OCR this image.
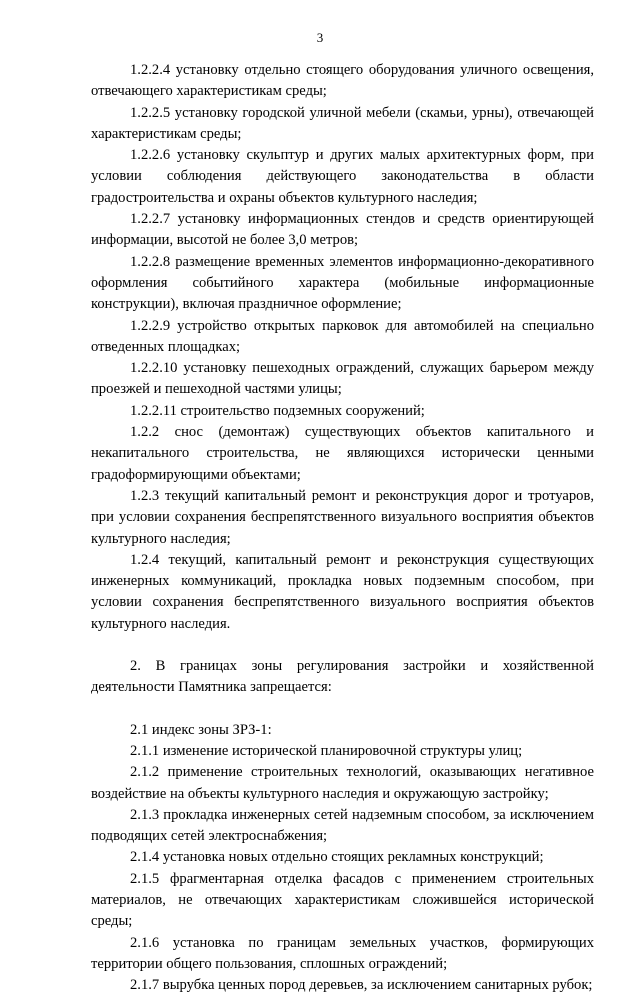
3

1.2.2.4 установку отдельно стоящего оборудования уличного освещения, отвечающего характеристикам среды;

1.2.2.5 установку городской уличной мебели (скамьи, урны), отвечающей характеристикам среды;

1.2.2.6 установку скульптур и других малых архитектурных форм, при условии соблюдения действующего законодательства в области градостроительства и охраны объектов культурного наследия;

1.2.2.7 установку информационных стендов и средств ориентирующей информации, высотой не более 3,0 метров;

1.2.2.8 размещение временных элементов информационно-декоративного оформления событийного характера (мобильные информационные конструкции), включая праздничное оформление;

1.2.2.9 устройство открытых парковок для автомобилей на специально отведенных площадках;

1.2.2.10 установку пешеходных ограждений, служащих барьером между проезжей и пешеходной частями улицы;

1.2.2.11 строительство подземных сооружений;

1.2.2 снос (демонтаж) существующих объектов капитального и некапитального строительства, не являющихся исторически ценными градоформирующими объектами;

1.2.3 текущий капитальный ремонт и реконструкция дорог и тротуаров, при условии сохранения беспрепятственного визуального восприятия объектов культурного наследия;

1.2.4 текущий, капитальный ремонт и реконструкция существующих инженерных коммуникаций, прокладка новых подземным способом, при условии сохранения беспрепятственного визуального восприятия объектов культурного наследия.

2. В границах зоны регулирования застройки и хозяйственной деятельности Памятника запрещается:

2.1 индекс зоны ЗРЗ-1:

2.1.1 изменение исторической планировочной структуры улиц;

2.1.2 применение строительных технологий, оказывающих негативное воздействие на объекты культурного наследия и окружающую застройку;

2.1.3 прокладка инженерных сетей надземным способом, за исключением подводящих сетей электроснабжения;

2.1.4 установка новых отдельно стоящих рекламных конструкций;

2.1.5 фрагментарная отделка фасадов с применением строительных материалов, не отвечающих характеристикам сложившейся исторической среды;

2.1.6 установка по границам земельных участков, формирующих территории общего пользования, сплошных ограждений;

2.1.7 вырубка ценных пород деревьев, за исключением санитарных рубок;
